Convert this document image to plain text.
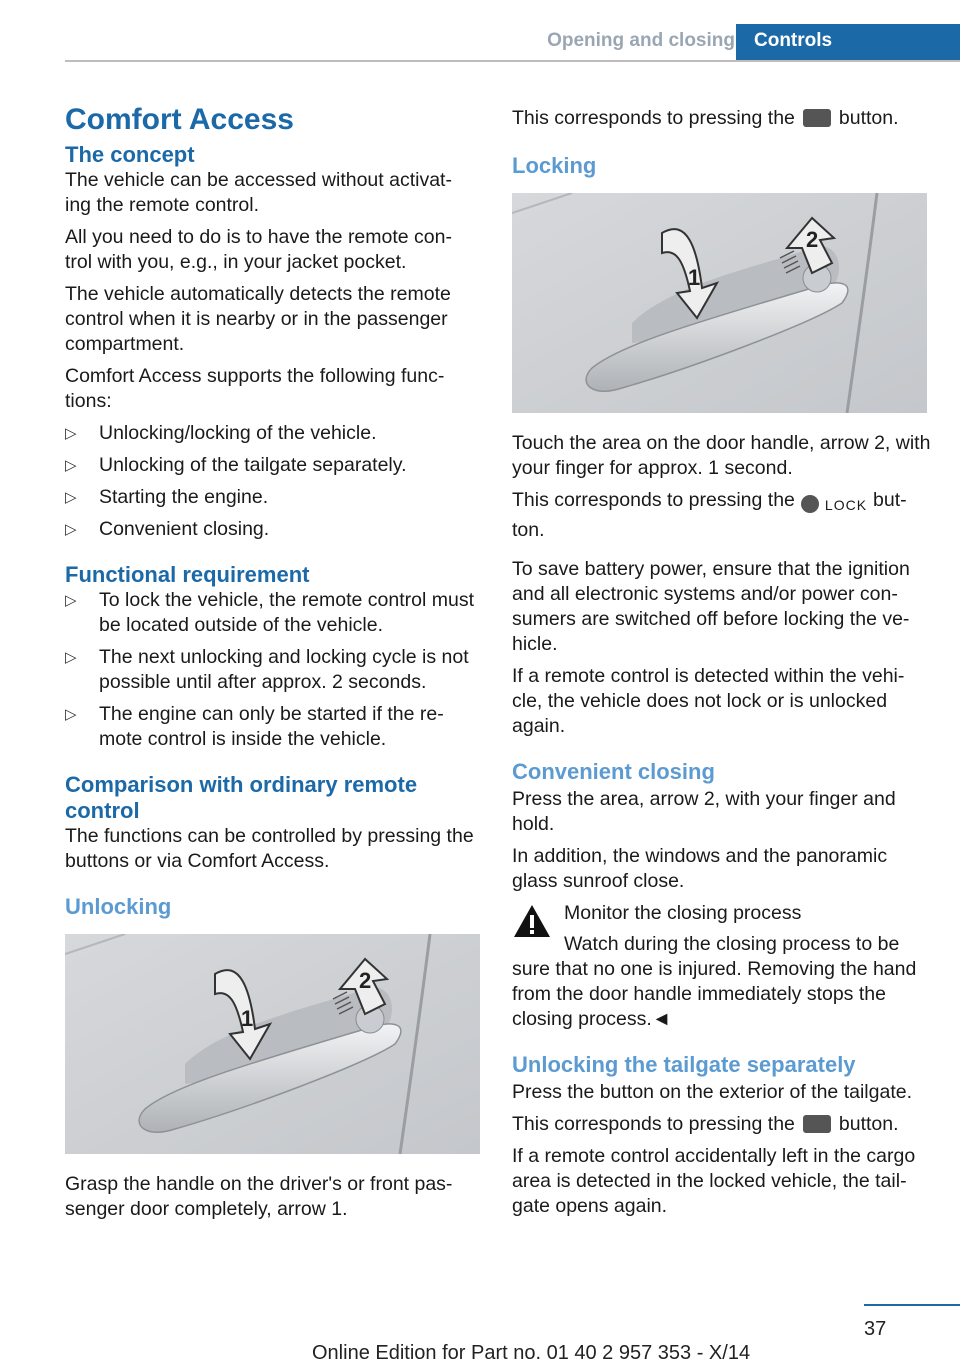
Opening and closing	Controls
Comfort Access
The concept

The vehicle can be accessed without activat‐ ing the remote control.

All you need to do is to have the remote con‐ trol with you, e.g., in your jacket pocket.

The vehicle automatically detects the remote control when it is nearby or in the passenger compartment.

Comfort Access supports the following func‐ tions:

▷ Unlocking/locking of the vehicle.
▷ Unlocking of the tailgate separately.
▷ Starting the engine.
▷ Convenient closing.
Functional requirement
▷ To lock the vehicle, the remote control must be located outside of the vehicle.
▷ The next unlocking and locking cycle is not possible until after approx. 2 seconds.
▷ The engine can only be started if the re‐ mote control is inside the vehicle.
Comparison with ordinary remote control

The functions can be controlled by pressing the buttons or via Comfort Access.

Unlocking
1
2

Grasp the handle on the driver's or front pas‐ senger door completely, arrow 1.

This corresponds to pressing the button.

Locking
1
2

Touch the area on the door handle, arrow 2, with your finger for approx. 1 second.

This corresponds to pressing the LOCK but‐ ton.

To save battery power, ensure that the ignition and all electronic systems and/or power con‐ sumers are switched off before locking the ve‐ hicle.

If a remote control is detected within the vehi‐ cle, the vehicle does not lock or is unlocked again.

Convenient closing

Press the area, arrow 2, with your finger and hold.

In addition, the windows and the panoramic glass sunroof close.

Monitor the closing process

Watch during the closing process to be sure that no one is injured. Removing the hand from the door handle immediately stops the closing process.◄

Unlocking the tailgate separately

Press the button on the exterior of the tailgate.

This corresponds to pressing the button.

If a remote control accidentally left in the cargo area is detected in the locked vehicle, the tail‐ gate opens again.

37
Online Edition for Part no. 01 40 2 957 353 - X/14
